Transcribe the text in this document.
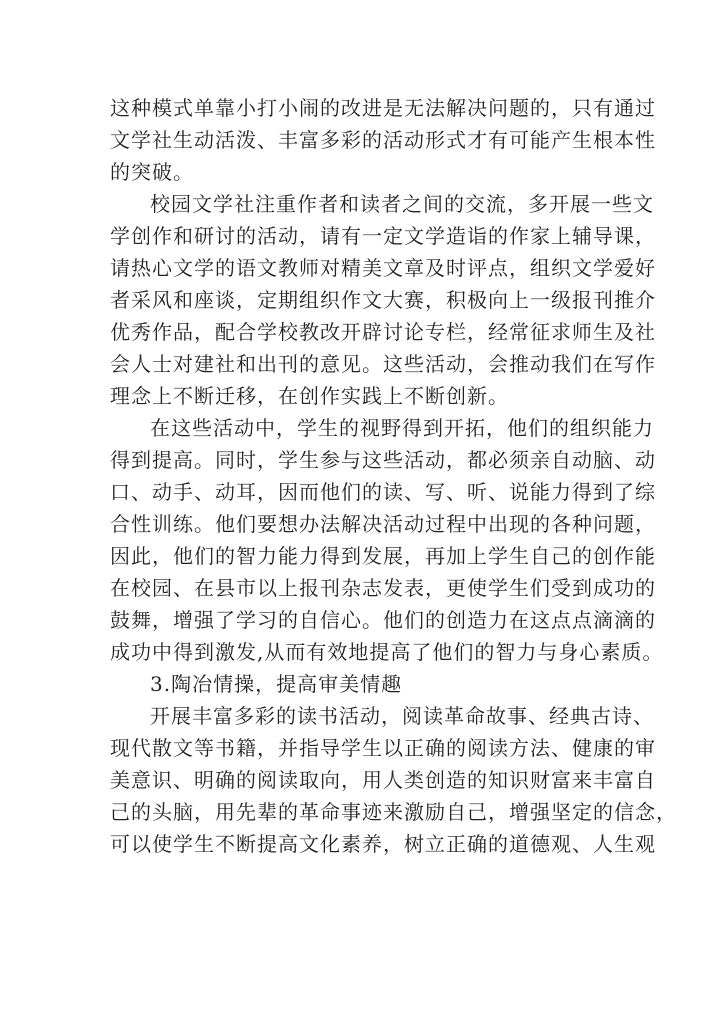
这种模式单靠小打小闹的改进是无法解决问题的，只有通过
文学社生动活泼、丰富多彩的活动形式才有可能产生根本性
的突破。
校园文学社注重作者和读者之间的交流，多开展一些文
学创作和研讨的活动，请有一定文学造诣的作家上辅导课，
请热心文学的语文教师对精美文章及时评点，组织文学爱好
者采风和座谈，定期组织作文大赛，积极向上一级报刊推介
优秀作品，配合学校教改开辟讨论专栏，经常征求师生及社
会人士对建社和出刊的意见。这些活动，会推动我们在写作
理念上不断迁移，在创作实践上不断创新。
在这些活动中，学生的视野得到开拓，他们的组织能力
得到提高。同时，学生参与这些活动，都必须亲自动脑、动
口、动手、动耳，因而他们的读、写、听、说能力得到了综
合性训练。他们要想办法解决活动过程中出现的各种问题，
因此，他们的智力能力得到发展，再加上学生自己的创作能
在校园、在县市以上报刊杂志发表，更使学生们受到成功的
鼓舞，增强了学习的自信心。他们的创造力在这点点滴滴的
成功中得到激发,从而有效地提高了他们的智力与身心素质。
3.陶冶情操，提高审美情趣
开展丰富多彩的读书活动，阅读革命故事、经典古诗、
现代散文等书籍，并指导学生以正确的阅读方法、健康的审
美意识、明确的阅读取向，用人类创造的知识财富来丰富自
己的头脑，用先辈的革命事迹来激励自己，增强坚定的信念，
可以使学生不断提高文化素养，树立正确的道德观、人生观
